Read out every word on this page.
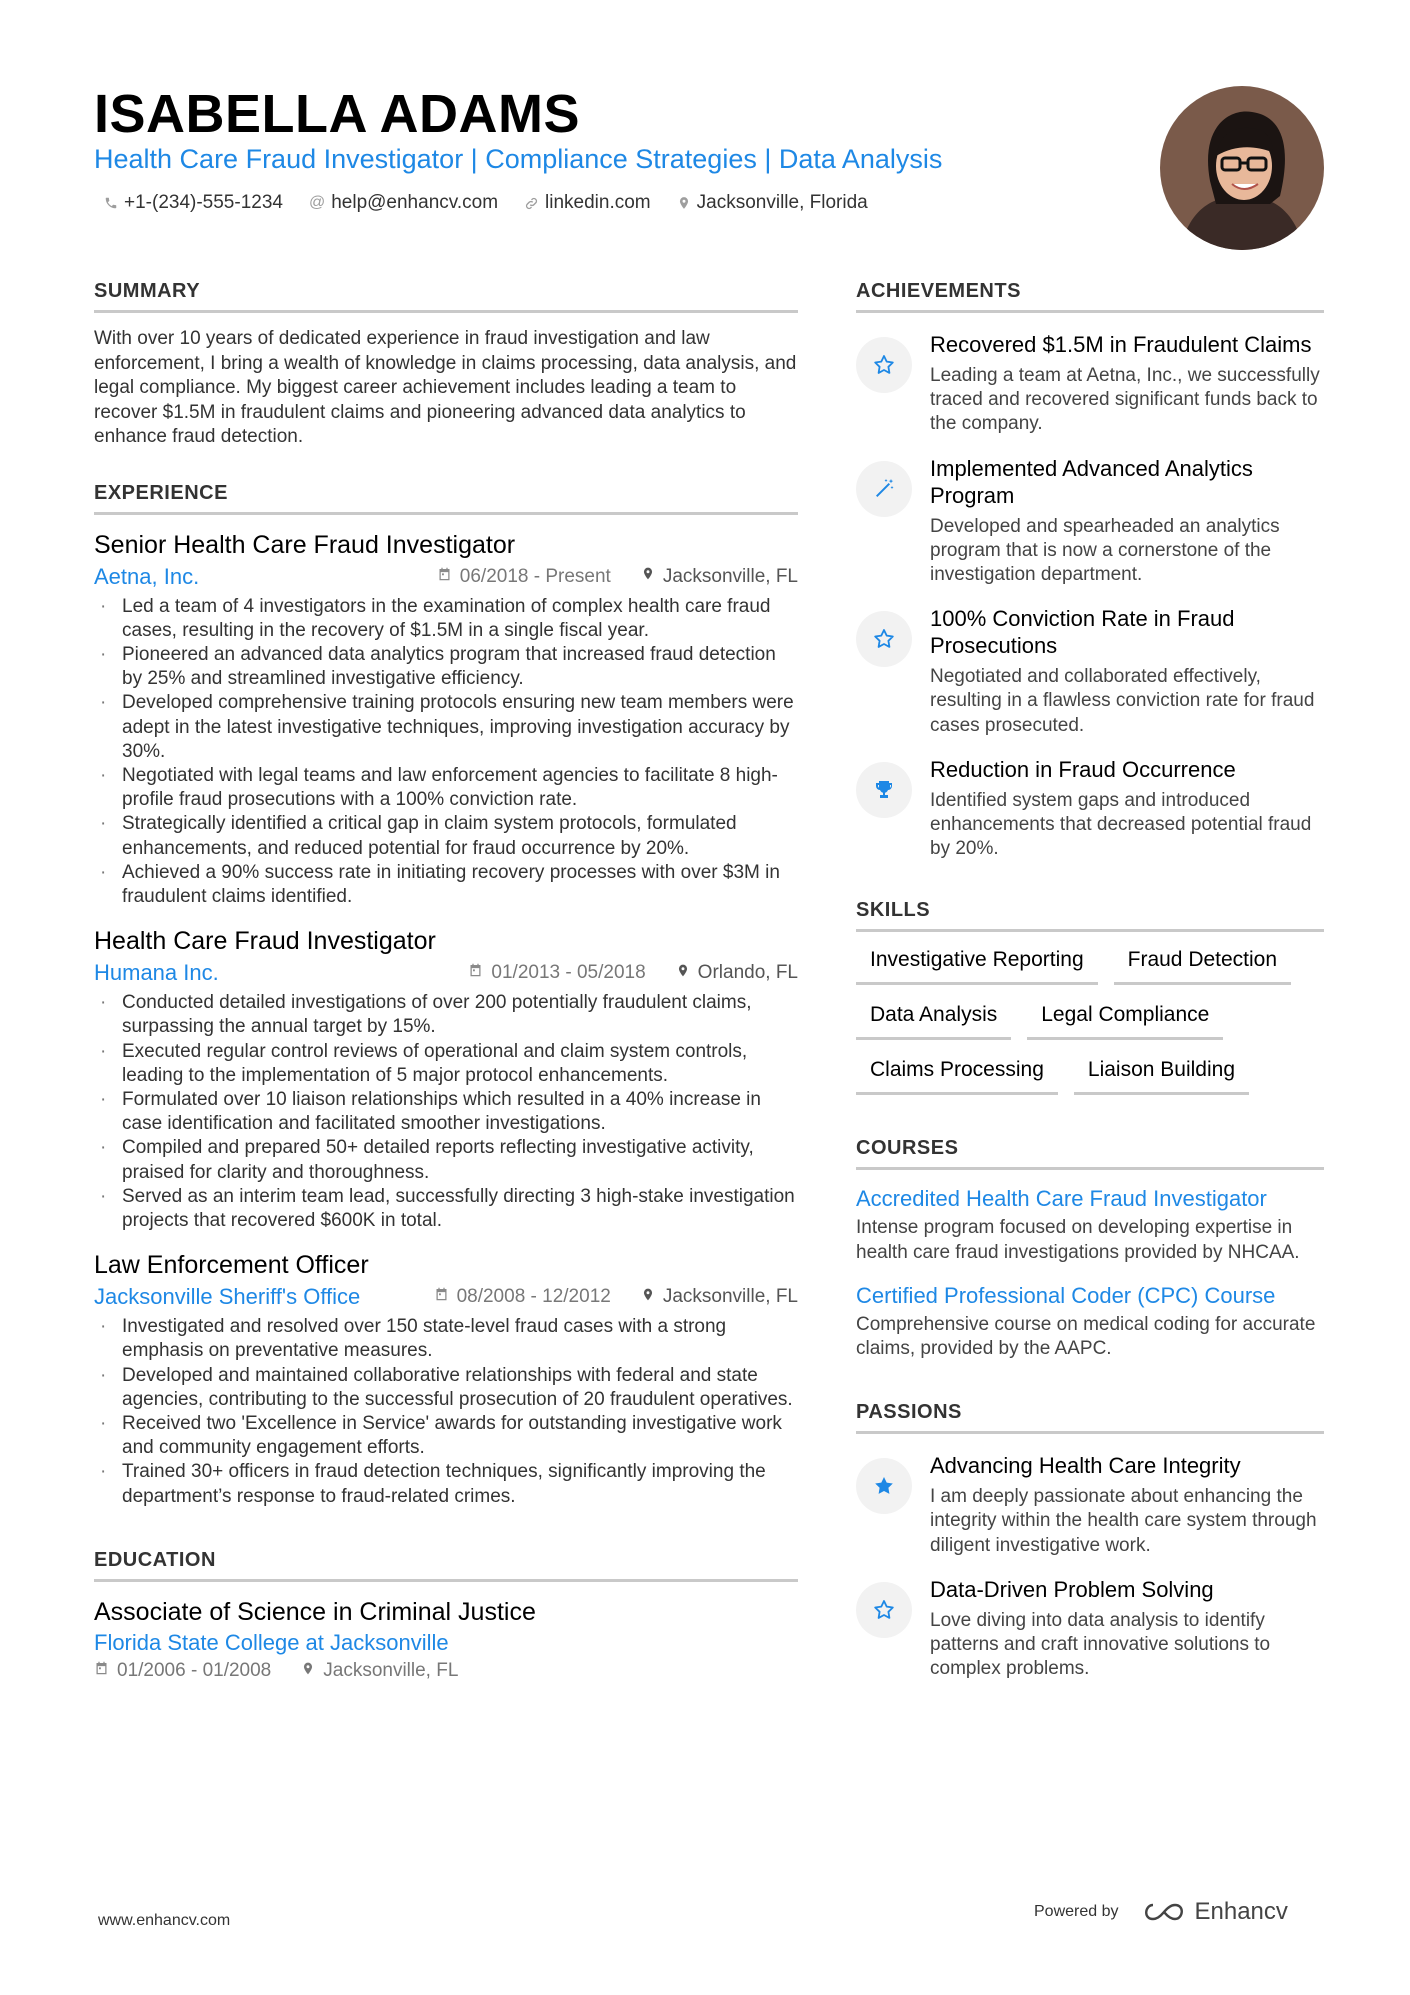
ISABELLA ADAMS
Health Care Fraud Investigator | Compliance Strategies | Data Analysis
+1-(234)-555-1234 @ help@enhancv.com linkedin.com Jacksonville, Florida
SUMMARY

With over 10 years of dedicated experience in fraud investigation and law enforcement, I bring a wealth of knowledge in claims processing, data analysis, and legal compliance. My biggest career achievement includes leading a team to recover $1.5M in fraudulent claims and pioneering advanced data analytics to enhance fraud detection.

EXPERIENCE
Senior Health Care Fraud Investigator
Aetna, Inc.	06/2018 - Present	Jacksonville, FL
· Led a team of 4 investigators in the examination of complex health care fraud cases, resulting in the recovery of $1.5M in a single fiscal year.
· Pioneered an advanced data analytics program that increased fraud detection by 25% and streamlined investigative efficiency.
· Developed comprehensive training protocols ensuring new team members were adept in the latest investigative techniques, improving investigation accuracy by 30%.
· Negotiated with legal teams and law enforcement agencies to facilitate 8 high-profile fraud prosecutions with a 100% conviction rate.
· Strategically identified a critical gap in claim system protocols, formulated enhancements, and reduced potential for fraud occurrence by 20%.
· Achieved a 90% success rate in initiating recovery processes with over $3M in fraudulent claims identified.
Health Care Fraud Investigator
Humana Inc.	01/2013 - 05/2018	Orlando, FL
· Conducted detailed investigations of over 200 potentially fraudulent claims, surpassing the annual target by 15%.
· Executed regular control reviews of operational and claim system controls, leading to the implementation of 5 major protocol enhancements.
· Formulated over 10 liaison relationships which resulted in a 40% increase in case identification and facilitated smoother investigations.
· Compiled and prepared 50+ detailed reports reflecting investigative activity, praised for clarity and thoroughness.
· Served as an interim team lead, successfully directing 3 high-stake investigation projects that recovered $600K in total.
Law Enforcement Officer
Jacksonville Sheriff's Office	08/2008 - 12/2012	Jacksonville, FL
· Investigated and resolved over 150 state-level fraud cases with a strong emphasis on preventative measures.
· Developed and maintained collaborative relationships with federal and state agencies, contributing to the successful prosecution of 20 fraudulent operatives.
· Received two 'Excellence in Service' awards for outstanding investigative work and community engagement efforts.
· Trained 30+ officers in fraud detection techniques, significantly improving the department’s response to fraud-related crimes.
EDUCATION
Associate of Science in Criminal Justice
Florida State College at Jacksonville
01/2006 - 01/2008	Jacksonville, FL
ACHIEVEMENTS
Recovered $1.5M in Fraudulent Claims
Leading a team at Aetna, Inc., we successfully traced and recovered significant funds back to the company.
Implemented Advanced Analytics Program
Developed and spearheaded an analytics program that is now a cornerstone of the investigation department.
100% Conviction Rate in Fraud Prosecutions
Negotiated and collaborated effectively, resulting in a flawless conviction rate for fraud cases prosecuted.
Reduction in Fraud Occurrence
Identified system gaps and introduced enhancements that decreased potential fraud by 20%.
SKILLS
Investigative Reporting	Fraud Detection
Data Analysis	Legal Compliance
Claims Processing	Liaison Building
COURSES
Accredited Health Care Fraud Investigator
Intense program focused on developing expertise in health care fraud investigations provided by NHCAA.
Certified Professional Coder (CPC) Course
Comprehensive course on medical coding for accurate claims, provided by the AAPC.
PASSIONS
Advancing Health Care Integrity
I am deeply passionate about enhancing the integrity within the health care system through diligent investigative work.
Data-Driven Problem Solving
Love diving into data analysis to identify patterns and craft innovative solutions to complex problems.
www.enhancv.com
Powered by	Enhancv
